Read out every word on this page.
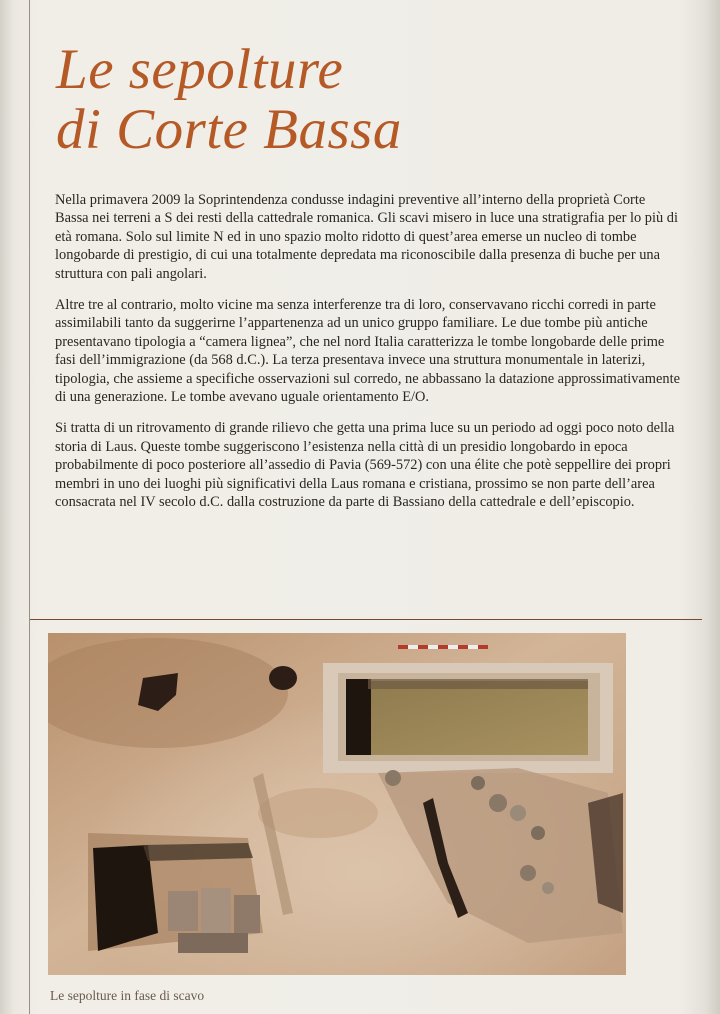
Le sepolture
di Corte Bassa

Nella primavera 2009 la Soprintendenza condusse indagini preventive all’interno della proprietà Corte Bassa nei terreni a S dei resti della cattedrale romanica. Gli scavi misero in luce una stratigrafia per lo più di età romana. Solo sul limite N ed in uno spazio molto ridotto di quest’area emerse un nucleo di tombe longobarde di prestigio, di cui una totalmente depredata ma riconoscibile dalla presenza di buche per una struttura con pali angolari.

Altre tre al contrario, molto vicine ma senza interferenze tra di loro, conservavano ricchi corredi in parte assimilabili tanto da suggerirne l’appartenenza ad un unico gruppo familiare. Le due tombe più antiche presentavano tipologia a “camera lignea”, che nel nord Italia caratterizza le tombe longobarde delle prime fasi dell’immigrazione (da 568 d.C.). La terza presentava invece una struttura monumentale in laterizi, tipologia, che assieme a specifiche osservazioni sul corredo, ne abbassano la datazione approssimativamente di una generazione. Le tombe avevano uguale orientamento E/O.

Si tratta di un ritrovamento di grande rilievo che getta una prima luce su un periodo ad oggi poco noto della storia di Laus. Queste tombe suggeriscono l’esistenza nella città di un presidio longobardo in epoca probabilmente di poco posteriore all’assedio di Pavia (569-572) con una élite che potè seppellire dei propri membri in uno dei luoghi più significativi della Laus romana e cristiana, prossimo se non parte dell’area consacrata nel IV secolo d.C. dalla costruzione da parte di Bassiano della cattedrale e dell’episcopio.

Le sepolture in fase di scavo
